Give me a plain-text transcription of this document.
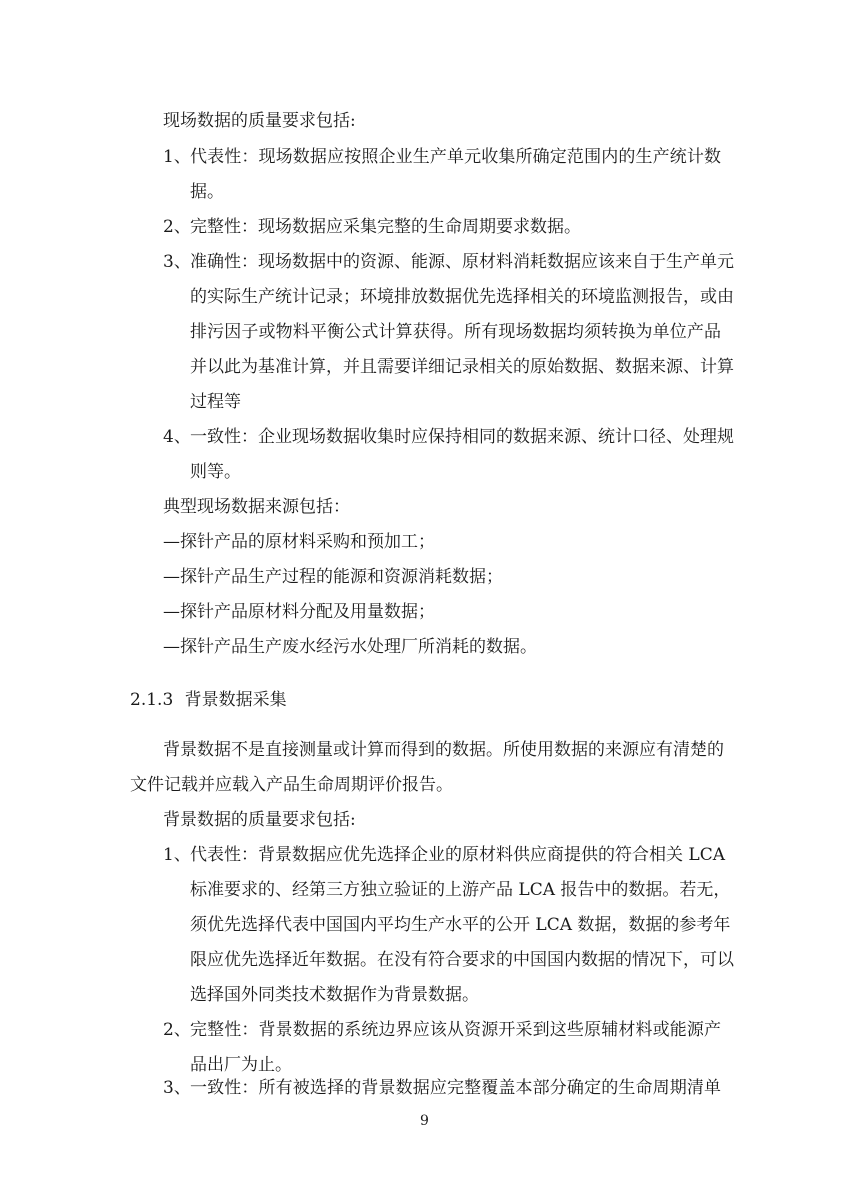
现场数据的质量要求包括:
1、 代表性：现场数据应按照企业生产单元收集所确定范围内的生产统计数
据。
2、 完整性：现场数据应采集完整的生命周期要求数据。
3、 准确性：现场数据中的资源、能源、原材料消耗数据应该来自于生产单元
的实际生产统计记录；环境排放数据优先选择相关的环境监测报告，或由
排污因子或物料平衡公式计算获得。所有现场数据均须转换为单位产品
并以此为基准计算，并且需要详细记录相关的原始数据、数据来源、计算
过程等
4、 一致性：企业现场数据收集时应保持相同的数据来源、统计口径、处理规
则等。
典型现场数据来源包括：
—探针产品的原材料采购和预加工；
—探针产品生产过程的能源和资源消耗数据；
—探针产品原材料分配及用量数据；
—探针产品生产废水经污水处理厂所消耗的数据。
2.1.3 背景数据采集
背景数据不是直接测量或计算而得到的数据。所使用数据的来源应有清楚的
文件记载并应载入产品生命周期评价报告。
背景数据的质量要求包括:
1、 代表性：背景数据应优先选择企业的原材料供应商提供的符合相关 LCA
标准要求的、经第三方独立验证的上游产品 LCA 报告中的数据。若无，
须优先选择代表中国国内平均生产水平的公开 LCA 数据，数据的参考年
限应优先选择近年数据。在没有符合要求的中国国内数据的情况下，可以
选择国外同类技术数据作为背景数据。
2、 完整性：背景数据的系统边界应该从资源开采到这些原辅材料或能源产
品出厂为止。
3、 一致性：所有被选择的背景数据应完整覆盖本部分确定的生命周期清单
9
